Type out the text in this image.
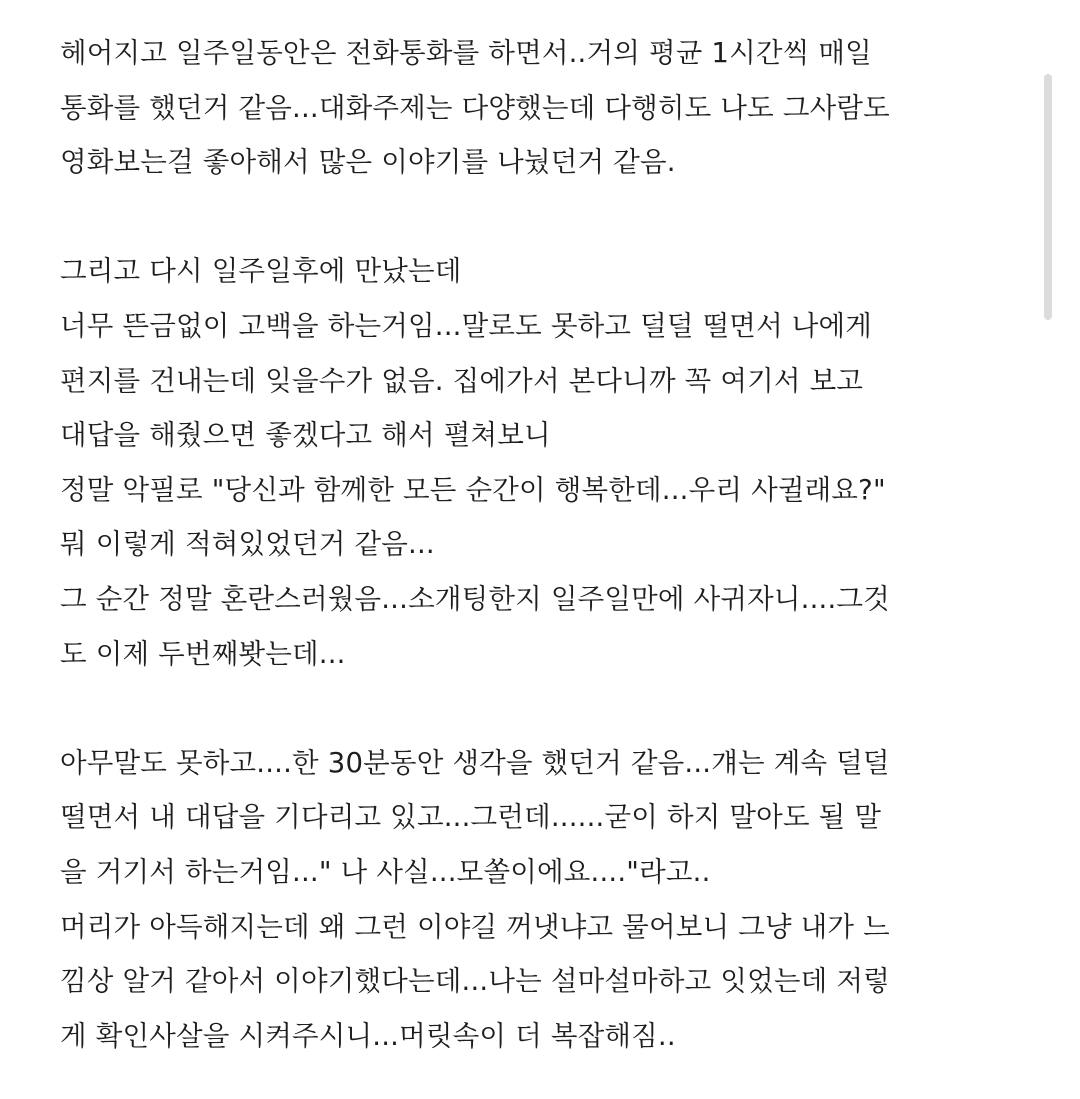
헤어지고 일주일동안은 전화통화를 하면서..거의 평균 1시간씩 매일
통화를 했던거 같음...대화주제는 다양했는데 다행히도 나도 그사람도
영화보는걸 좋아해서 많은 이야기를 나눴던거 같음.
그리고 다시 일주일후에 만났는데
너무 뜬금없이 고백을 하는거임...말로도 못하고 덜덜 떨면서 나에게
편지를 건내는데 잊을수가 없음. 집에가서 본다니까 꼭 여기서 보고
대답을 해줬으면 좋겠다고 해서 펼쳐보니
정말 악필로 "당신과 함께한 모든 순간이 행복한데...우리 사귈래요?"
뭐 이렇게 적혀있었던거 같음...
그 순간 정말 혼란스러웠음...소개팅한지 일주일만에 사귀자니....그것
도 이제 두번째봣는데...
아무말도 못하고....한 30분동안 생각을 했던거 같음...걔는 계속 덜덜
떨면서 내 대답을 기다리고 있고...그런데......굳이 하지 말아도 될 말
을 거기서 하는거임..." 나 사실...모쏠이에요...."라고..
머리가 아득해지는데 왜 그런 이야길 꺼냇냐고 물어보니 그냥 내가 느
낌상 알거 같아서 이야기했다는데...나는 설마설마하고 잇었는데 저렇
게 확인사살을 시켜주시니...머릿속이 더 복잡해짐..
